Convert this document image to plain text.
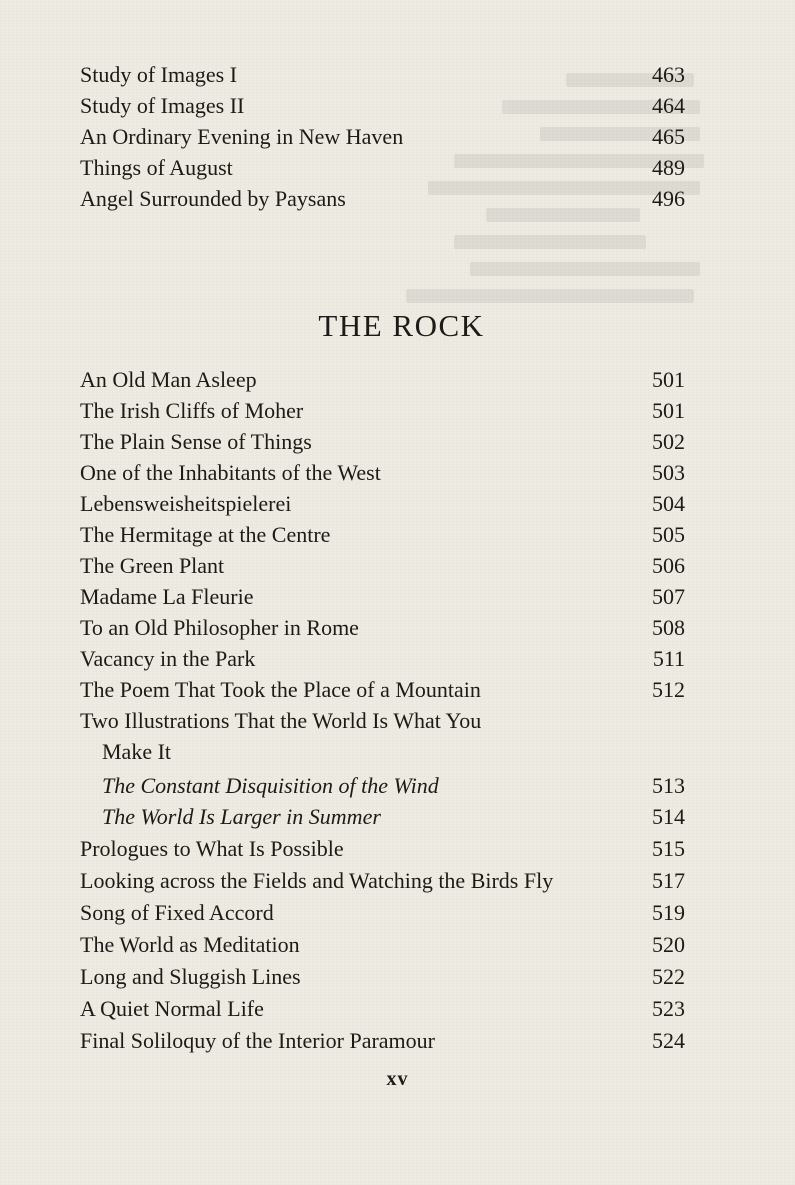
Study of Images I	463
Study of Images II	464
An Ordinary Evening in New Haven	465
Things of August	489
Angel Surrounded by Paysans	496
THE ROCK
An Old Man Asleep	501
The Irish Cliffs of Moher	501
The Plain Sense of Things	502
One of the Inhabitants of the West	503
Lebensweisheitspielerei	504
The Hermitage at the Centre	505
The Green Plant	506
Madame La Fleurie	507
To an Old Philosopher in Rome	508
Vacancy in the Park	511
The Poem That Took the Place of a Mountain	512
Two Illustrations That the World Is What You
Make It
The Constant Disquisition of the Wind	513
The World Is Larger in Summer	514
Prologues to What Is Possible	515
Looking across the Fields and Watching the Birds Fly	517
Song of Fixed Accord	519
The World as Meditation	520
Long and Sluggish Lines	522
A Quiet Normal Life	523
Final Soliloquy of the Interior Paramour	524
xv
